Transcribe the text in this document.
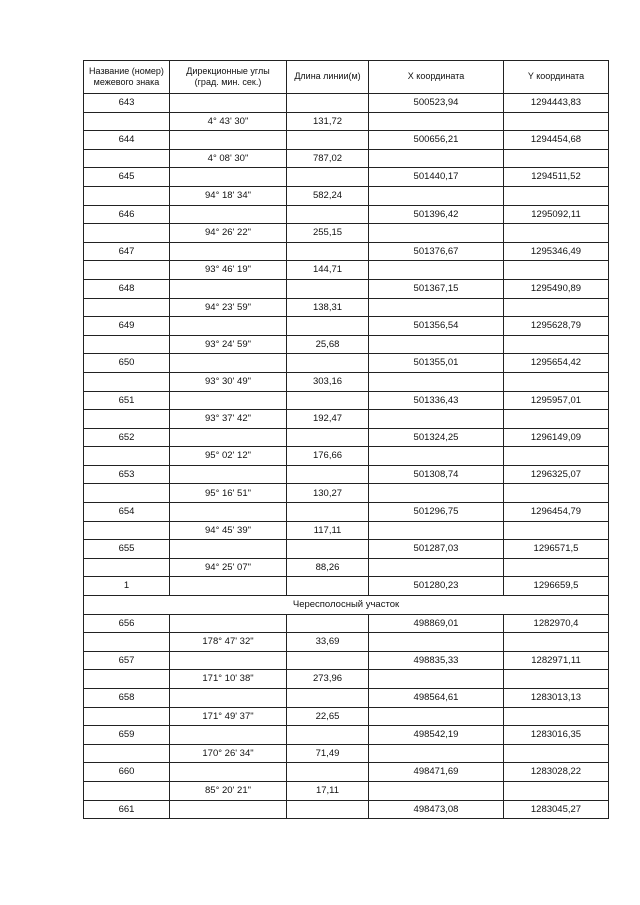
Название (номер) межевого знака	Дирекционные углы (град. мин. сек.)	Длина линии(м)	X координата	Y координата
643			500523,94	1294443,83
	4° 43' 30"	131,72		
644			500656,21	1294454,68
	4° 08' 30"	787,02		
645			501440,17	1294511,52
	94° 18' 34"	582,24		
646			501396,42	1295092,11
	94° 26' 22"	255,15		
647			501376,67	1295346,49
	93° 46' 19"	144,71		
648			501367,15	1295490,89
	94° 23' 59"	138,31		
649			501356,54	1295628,79
	93° 24' 59"	25,68		
650			501355,01	1295654,42
	93° 30' 49"	303,16		
651			501336,43	1295957,01
	93° 37' 42"	192,47		
652			501324,25	1296149,09
	95° 02' 12"	176,66		
653			501308,74	1296325,07
	95° 16' 51"	130,27		
654			501296,75	1296454,79
	94° 45' 39"	117,11		
655			501287,03	1296571,5
	94° 25' 07"	88,26		
1			501280,23	1296659,5
Чересполосный участок				
656			498869,01	1282970,4
	178° 47' 32"	33,69		
657			498835,33	1282971,11
	171° 10' 38"	273,96		
658			498564,61	1283013,13
	171° 49' 37"	22,65		
659			498542,19	1283016,35
	170° 26' 34"	71,49		
660			498471,69	1283028,22
	85° 20' 21"	17,11		
661			498473,08	1283045,27
